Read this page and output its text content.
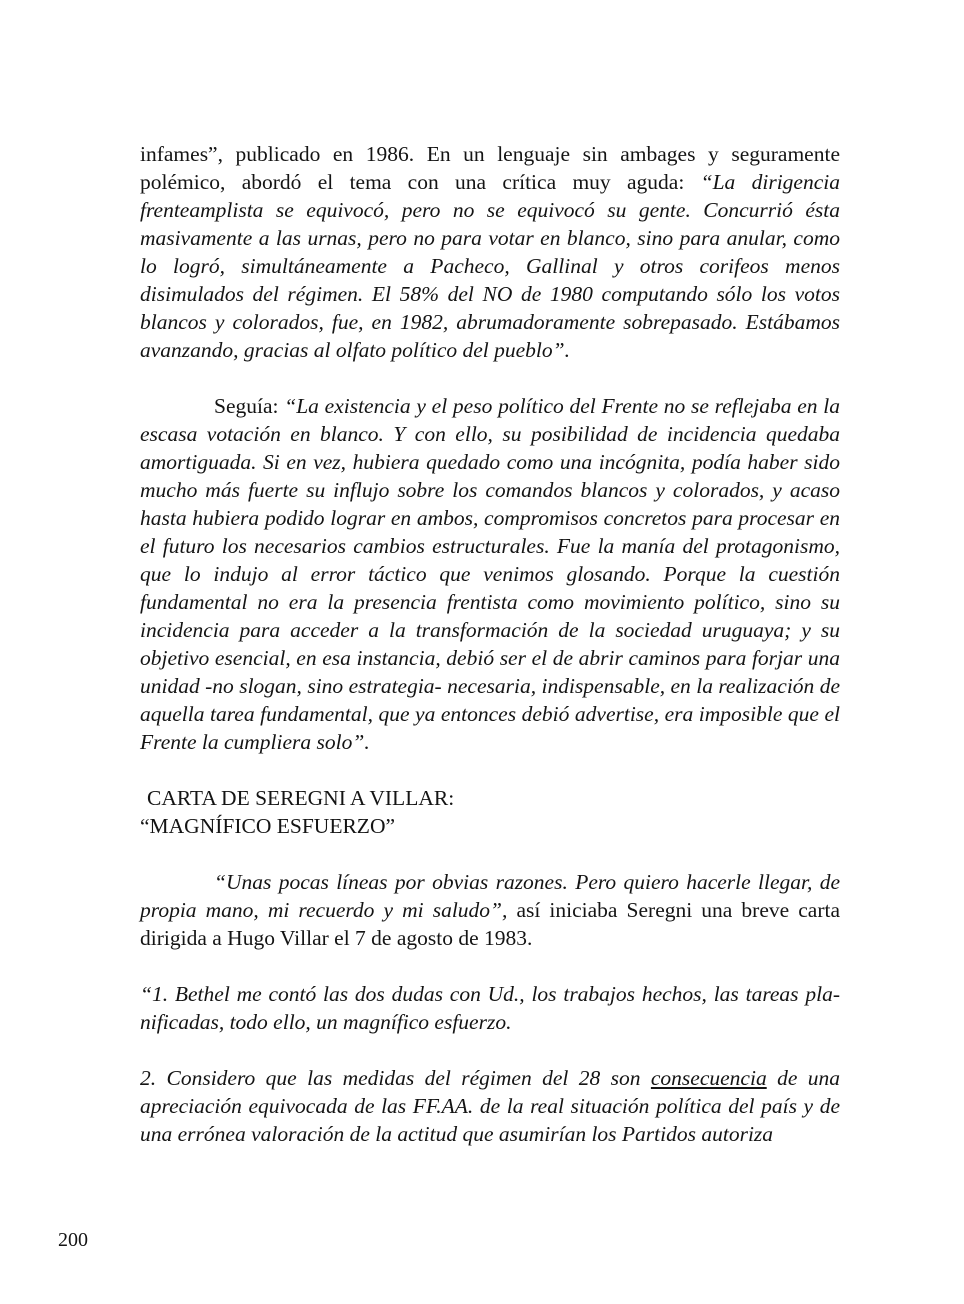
infames”, publicado en 1986. En un lenguaje sin ambages y seguramente polémico, abordó el tema con una crítica muy aguda: “La dirigencia frenteamplista se equivocó, pero no se equivocó su gente. Concurrió ésta masivamente a las urnas, pero no para votar en blanco, sino para anular, como lo logró, simultáneamente a Pacheco, Gallinal y otros corifeos menos disimulados del régimen. El 58% del NO de 1980 computando sólo los votos blancos y colorados, fue, en 1982, abrumadoramente sobrepasado. Estábamos avanzando, gracias al olfato político del pueblo”.

Seguía: “La existencia y el peso político del Frente no se reflejaba en la escasa votación en blanco. Y con ello, su posibilidad de incidencia quedaba amortiguada. Si en vez, hubiera quedado como una incógnita, podía haber sido mucho más fuerte su influjo sobre los comandos blancos y colorados, y acaso hasta hubiera podido lograr en ambos, compromisos concretos para procesar en el futuro los necesarios cambios estructurales. Fue la manía del protagonismo, que lo indujo al error táctico que venimos glosando. Porque la cuestión fundamental no era la presencia frentista como movimiento político, sino su incidencia para acceder a la transformación de la sociedad uruguaya; y su objetivo esencial, en esa instancia, debió ser el de abrir caminos para forjar una unidad -no slogan, sino estrategia- necesaria, indispensable, en la realización de aquella tarea fundamental, que ya entonces debió advertise, era imposible que el Frente la cumpliera solo”.

CARTA DE SEREGNI A VILLAR:
“MAGNÍFICO ESFUERZO”

“Unas pocas líneas por obvias razones. Pero quiero hacerle llegar, de propia mano, mi recuerdo y mi saludo”, así iniciaba Seregni una breve carta dirigida a Hugo Villar el 7 de agosto de 1983.

“1. Bethel me contó las dos dudas con Ud., los trabajos hechos, las tareas planificadas, todo ello, un magnífico esfuerzo.

2. Considero que las medidas del régimen del 28 son consecuencia de una apreciación equivocada de las FF.AA. de la real situación política del país y de una errónea valoración de la actitud que asumirían los Partidos autoriza

200
